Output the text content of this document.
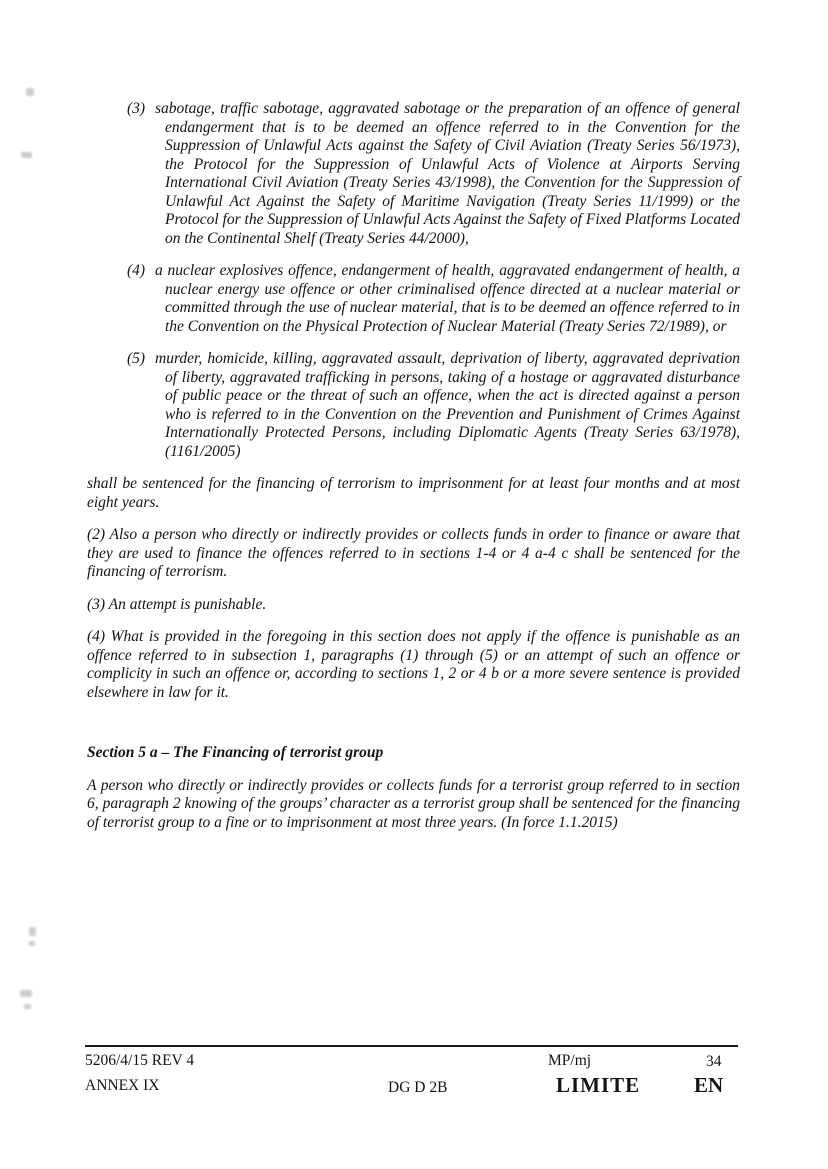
(3) sabotage, traffic sabotage, aggravated sabotage or the preparation of an offence of general endangerment that is to be deemed an offence referred to in the Convention for the Suppression of Unlawful Acts against the Safety of Civil Aviation (Treaty Series 56/1973), the Protocol for the Suppression of Unlawful Acts of Violence at Airports Serving International Civil Aviation (Treaty Series 43/1998), the Convention for the Suppression of Unlawful Act Against the Safety of Maritime Navigation (Treaty Series 11/1999) or the Protocol for the Suppression of Unlawful Acts Against the Safety of Fixed Platforms Located on the Continental Shelf (Treaty Series 44/2000),
(4) a nuclear explosives offence, endangerment of health, aggravated endangerment of health, a nuclear energy use offence or other criminalised offence directed at a nuclear material or committed through the use of nuclear material, that is to be deemed an offence referred to in the Convention on the Physical Protection of Nuclear Material (Treaty Series 72/1989), or
(5) murder, homicide, killing, aggravated assault, deprivation of liberty, aggravated deprivation of liberty, aggravated trafficking in persons, taking of a hostage or aggravated disturbance of public peace or the threat of such an offence, when the act is directed against a person who is referred to in the Convention on the Prevention and Punishment of Crimes Against Internationally Protected Persons, including Diplomatic Agents (Treaty Series 63/1978), (1161/2005)

shall be sentenced for the financing of terrorism to imprisonment for at least four months and at most eight years.

(2) Also a person who directly or indirectly provides or collects funds in order to finance or aware that they are used to finance the offences referred to in sections 1-4 or 4 a-4 c shall be sentenced for the financing of terrorism.

(3) An attempt is punishable.

(4) What is provided in the foregoing in this section does not apply if the offence is punishable as an offence referred to in subsection 1, paragraphs (1) through (5) or an attempt of such an offence or complicity in such an offence or, according to sections 1, 2 or 4 b or a more severe sentence is provided elsewhere in law for it.

Section 5 a – The Financing of terrorist group

A person who directly or indirectly provides or collects funds for a terrorist group referred to in section 6, paragraph 2 knowing of the groups’ character as a terrorist group shall be sentenced for the financing of terrorist group to a fine or to imprisonment at most three years. (In force 1.1.2015)

5206/4/15 REV 4	MP/mj	34
ANNEX IX	DG D 2B	LIMITE	EN
